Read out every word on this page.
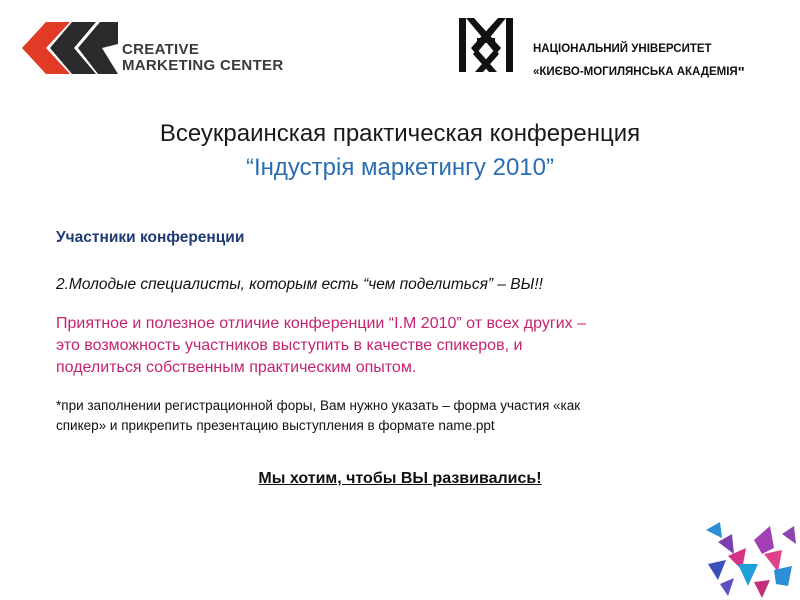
CREATIVE
MARKETING CENTER
НАЦІОНАЛЬНИЙ УНІВЕРСИТЕТ
«КИЄВО-МОГИЛЯНСЬКА АКАДЕМІЯ"
Всеукраинская практическая конференция
“Індустрія маркетингу 2010”
Участники конференции
2.Молодые специалисты, которым есть “чем поделиться” – ВЫ!!
Приятное и полезное отличие конференции “I.M 2010” от всех других –
это возможность участников выступить в качестве спикеров, и
поделиться собственным практическим опытом.
*при заполнении регистрационной форы, Вам нужно указать – форма участия «как
спикер» и прикрепить презентацию выступления в формате name.ppt
Мы хотим, чтобы ВЫ развивались!
